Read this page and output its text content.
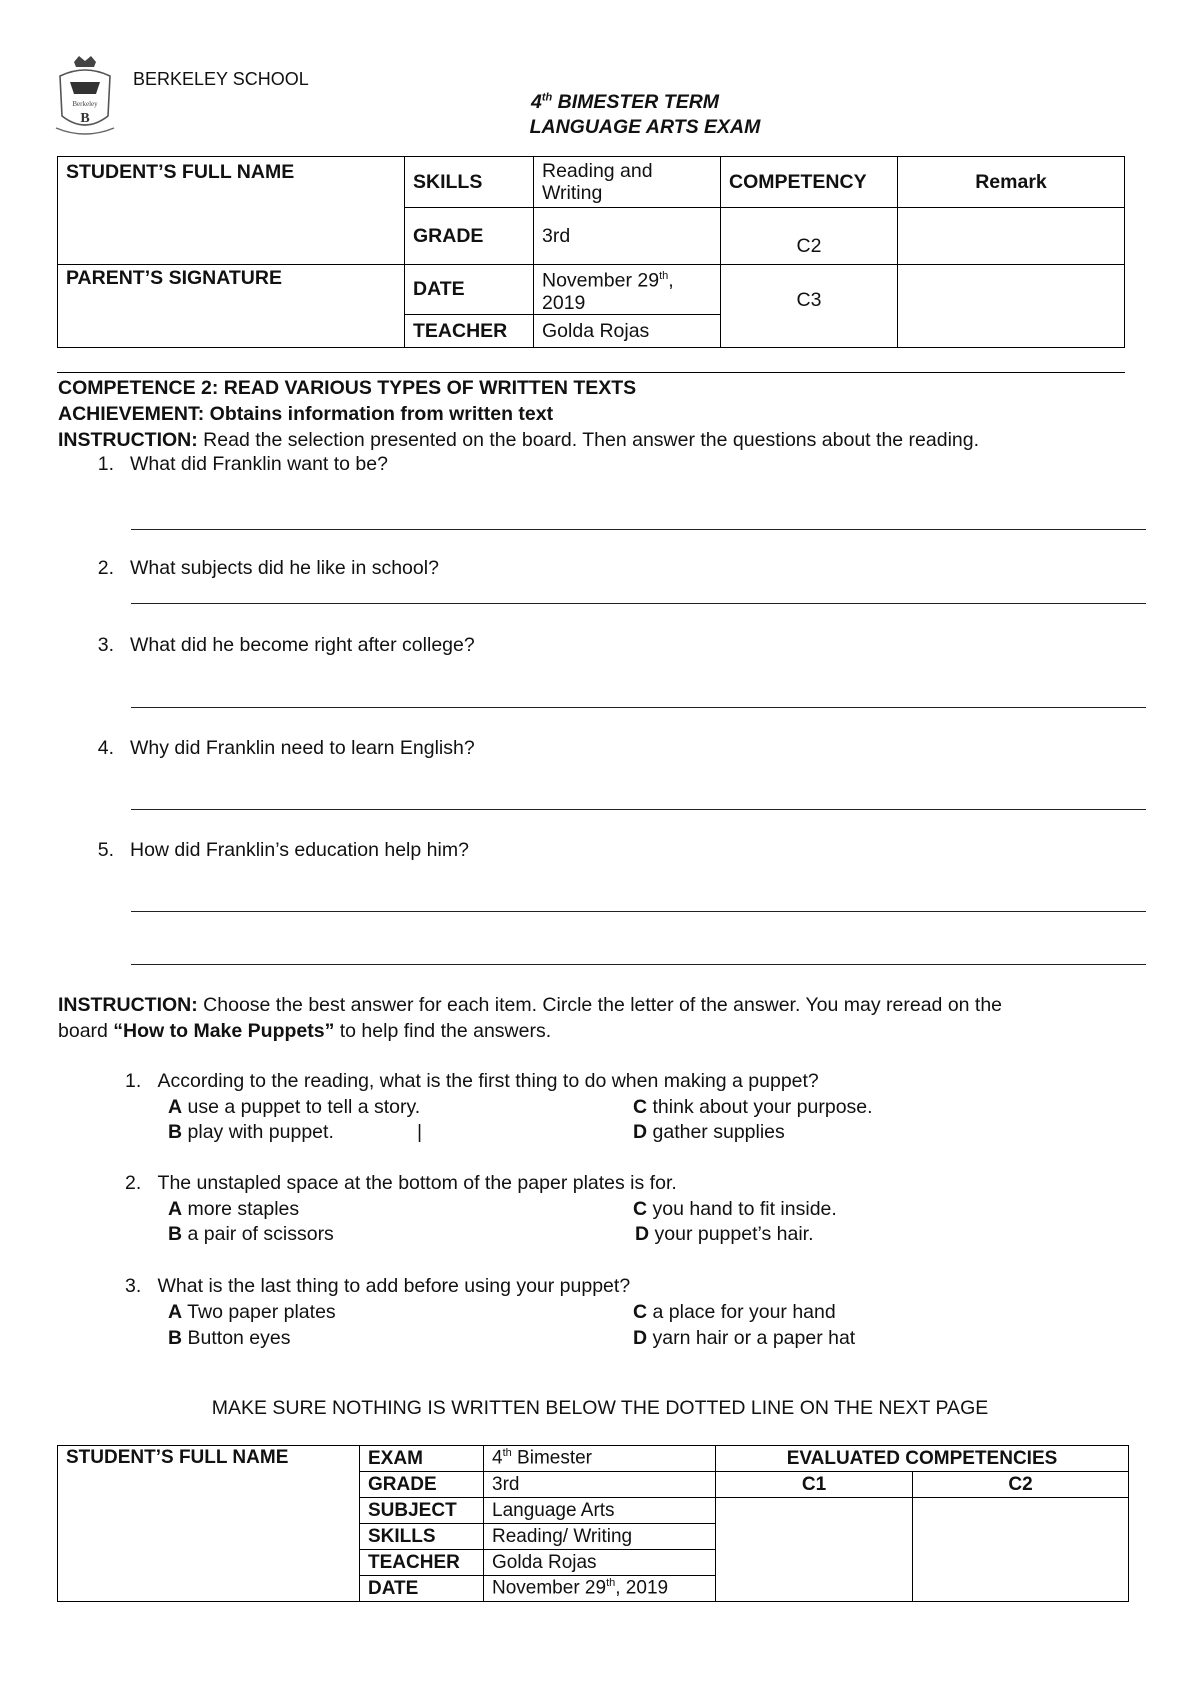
Berkeley
B
BERKELEY SCHOOL
4th BIMESTER TERM
LANGUAGE ARTS EXAM
STUDENT’S FULL NAME	SKILLS	Reading and Writing	COMPETENCY	Remark
	GRADE	3rd	C2	
PARENT’S SIGNATURE	DATE	November 29th, 2019	C3	
	TEACHER	Golda Rojas		
COMPETENCE 2: READ VARIOUS TYPES OF WRITTEN TEXTS
ACHIEVEMENT: Obtains information from written text
INSTRUCTION: Read the selection presented on the board. Then answer the questions about the reading.
1. What did Franklin want to be?
2. What subjects did he like in school?
3. What did he become right after college?
4. Why did Franklin need to learn English?
5. How did Franklin’s education help him?
INSTRUCTION: Choose the best answer for each item. Circle the letter of the answer. You may reread on the
board “How to Make Puppets” to help find the answers.
1. According to the reading, what is the first thing to do when making a puppet?
A use a puppet to tell a story.
B play with puppet.	|
C think about your purpose.
D gather supplies
2. The unstapled space at the bottom of the paper plates is for.
A more staples
B a pair of scissors
C you hand to fit inside.
D your puppet’s hair.
3. What is the last thing to add before using your puppet?
A Two paper plates
B Button eyes
C a place for your hand
D yarn hair or a paper hat
MAKE SURE NOTHING IS WRITTEN BELOW THE DOTTED LINE ON THE NEXT PAGE
STUDENT’S FULL NAME	EXAM	4th Bimester	EVALUATED COMPETENCIES	
	GRADE	3rd	C1	C2
	SUBJECT	Language Arts		
	SKILLS	Reading/ Writing		
	TEACHER	Golda Rojas		
	DATE	November 29th, 2019		
